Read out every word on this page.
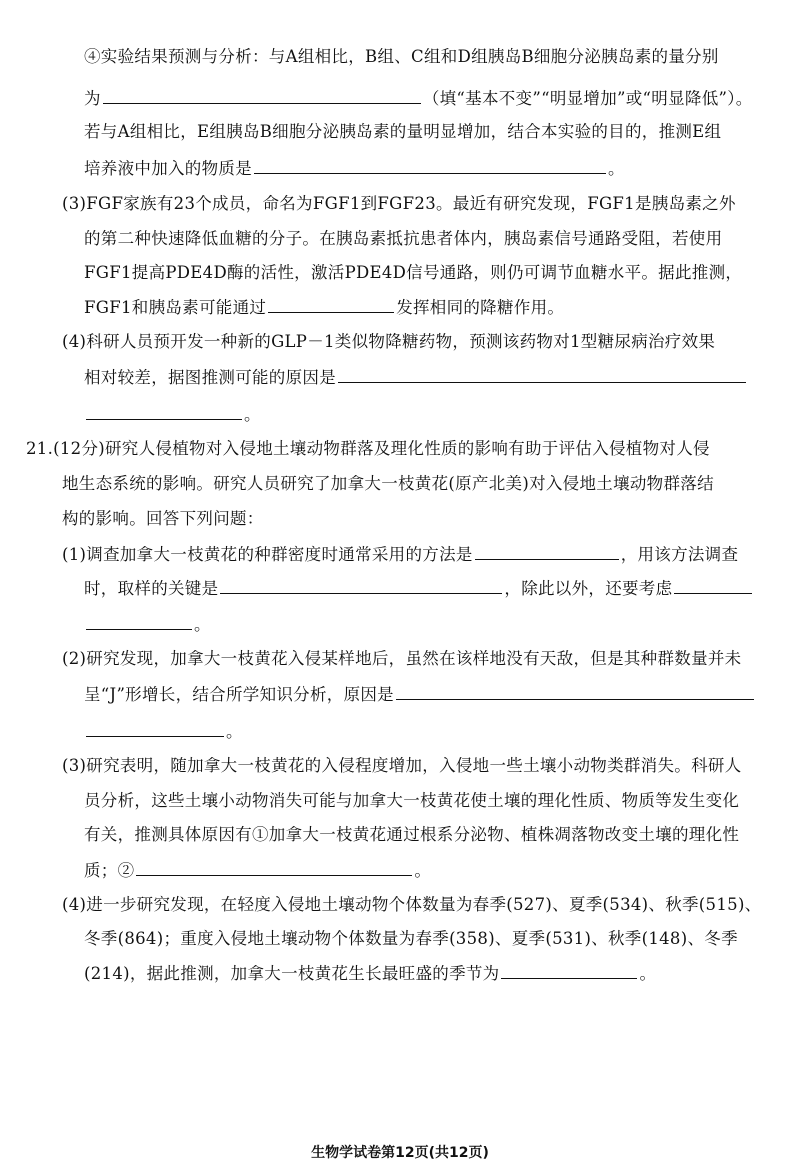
④实验结果预测与分析：与A组相比，B组、C组和D组胰岛B细胞分泌胰岛素的量分别
为	（填“基本不变”“明显增加”或“明显降低”）。
若与A组相比，E组胰岛B细胞分泌胰岛素的量明显增加，结合本实验的目的，推测E组
培养液中加入的物质是	。
(3)FGF家族有23个成员，命名为FGF1到FGF23。最近有研究发现，FGF1是胰岛素之外
的第二种快速降低血糖的分子。在胰岛素抵抗患者体内，胰岛素信号通路受阻，若使用
FGF1提高PDE4D酶的活性，激活PDE4D信号通路，则仍可调节血糖水平。据此推测，
FGF1和胰岛素可能通过	发挥相同的降糖作用。
(4)科研人员预开发一种新的GLP－1类似物降糖药物，预测该药物对1型糖尿病治疗效果
相对较差，据图推测可能的原因是
。
21.(12分)研究人侵植物对入侵地土壤动物群落及理化性质的影响有助于评估入侵植物对人侵
地生态系统的影响。研究人员研究了加拿大一枝黄花(原产北美)对入侵地土壤动物群落结
构的影响。回答下列问题：
(1)调查加拿大一枝黄花的种群密度时通常采用的方法是	，用该方法调查
时，取样的关键是	，除此以外，还要考虑
。
(2)研究发现，加拿大一枝黄花入侵某样地后，虽然在该样地没有天敌，但是其种群数量并未
呈“J”形增长，结合所学知识分析，原因是
。
(3)研究表明，随加拿大一枝黄花的入侵程度增加，入侵地一些土壤小动物类群消失。科研人
员分析，这些土壤小动物消失可能与加拿大一枝黄花使土壤的理化性质、物质等发生变化
有关，推测具体原因有①加拿大一枝黄花通过根系分泌物、植株凋落物改变土壤的理化性
质；②	。
(4)进一步研究发现，在轻度入侵地土壤动物个体数量为春季(527)、夏季(534)、秋季(515)、
冬季(864)；重度入侵地土壤动物个体数量为春季(358)、夏季(531)、秋季(148)、冬季
(214)，据此推测，加拿大一枝黄花生长最旺盛的季节为	。
生物学试卷第12页(共12页)
